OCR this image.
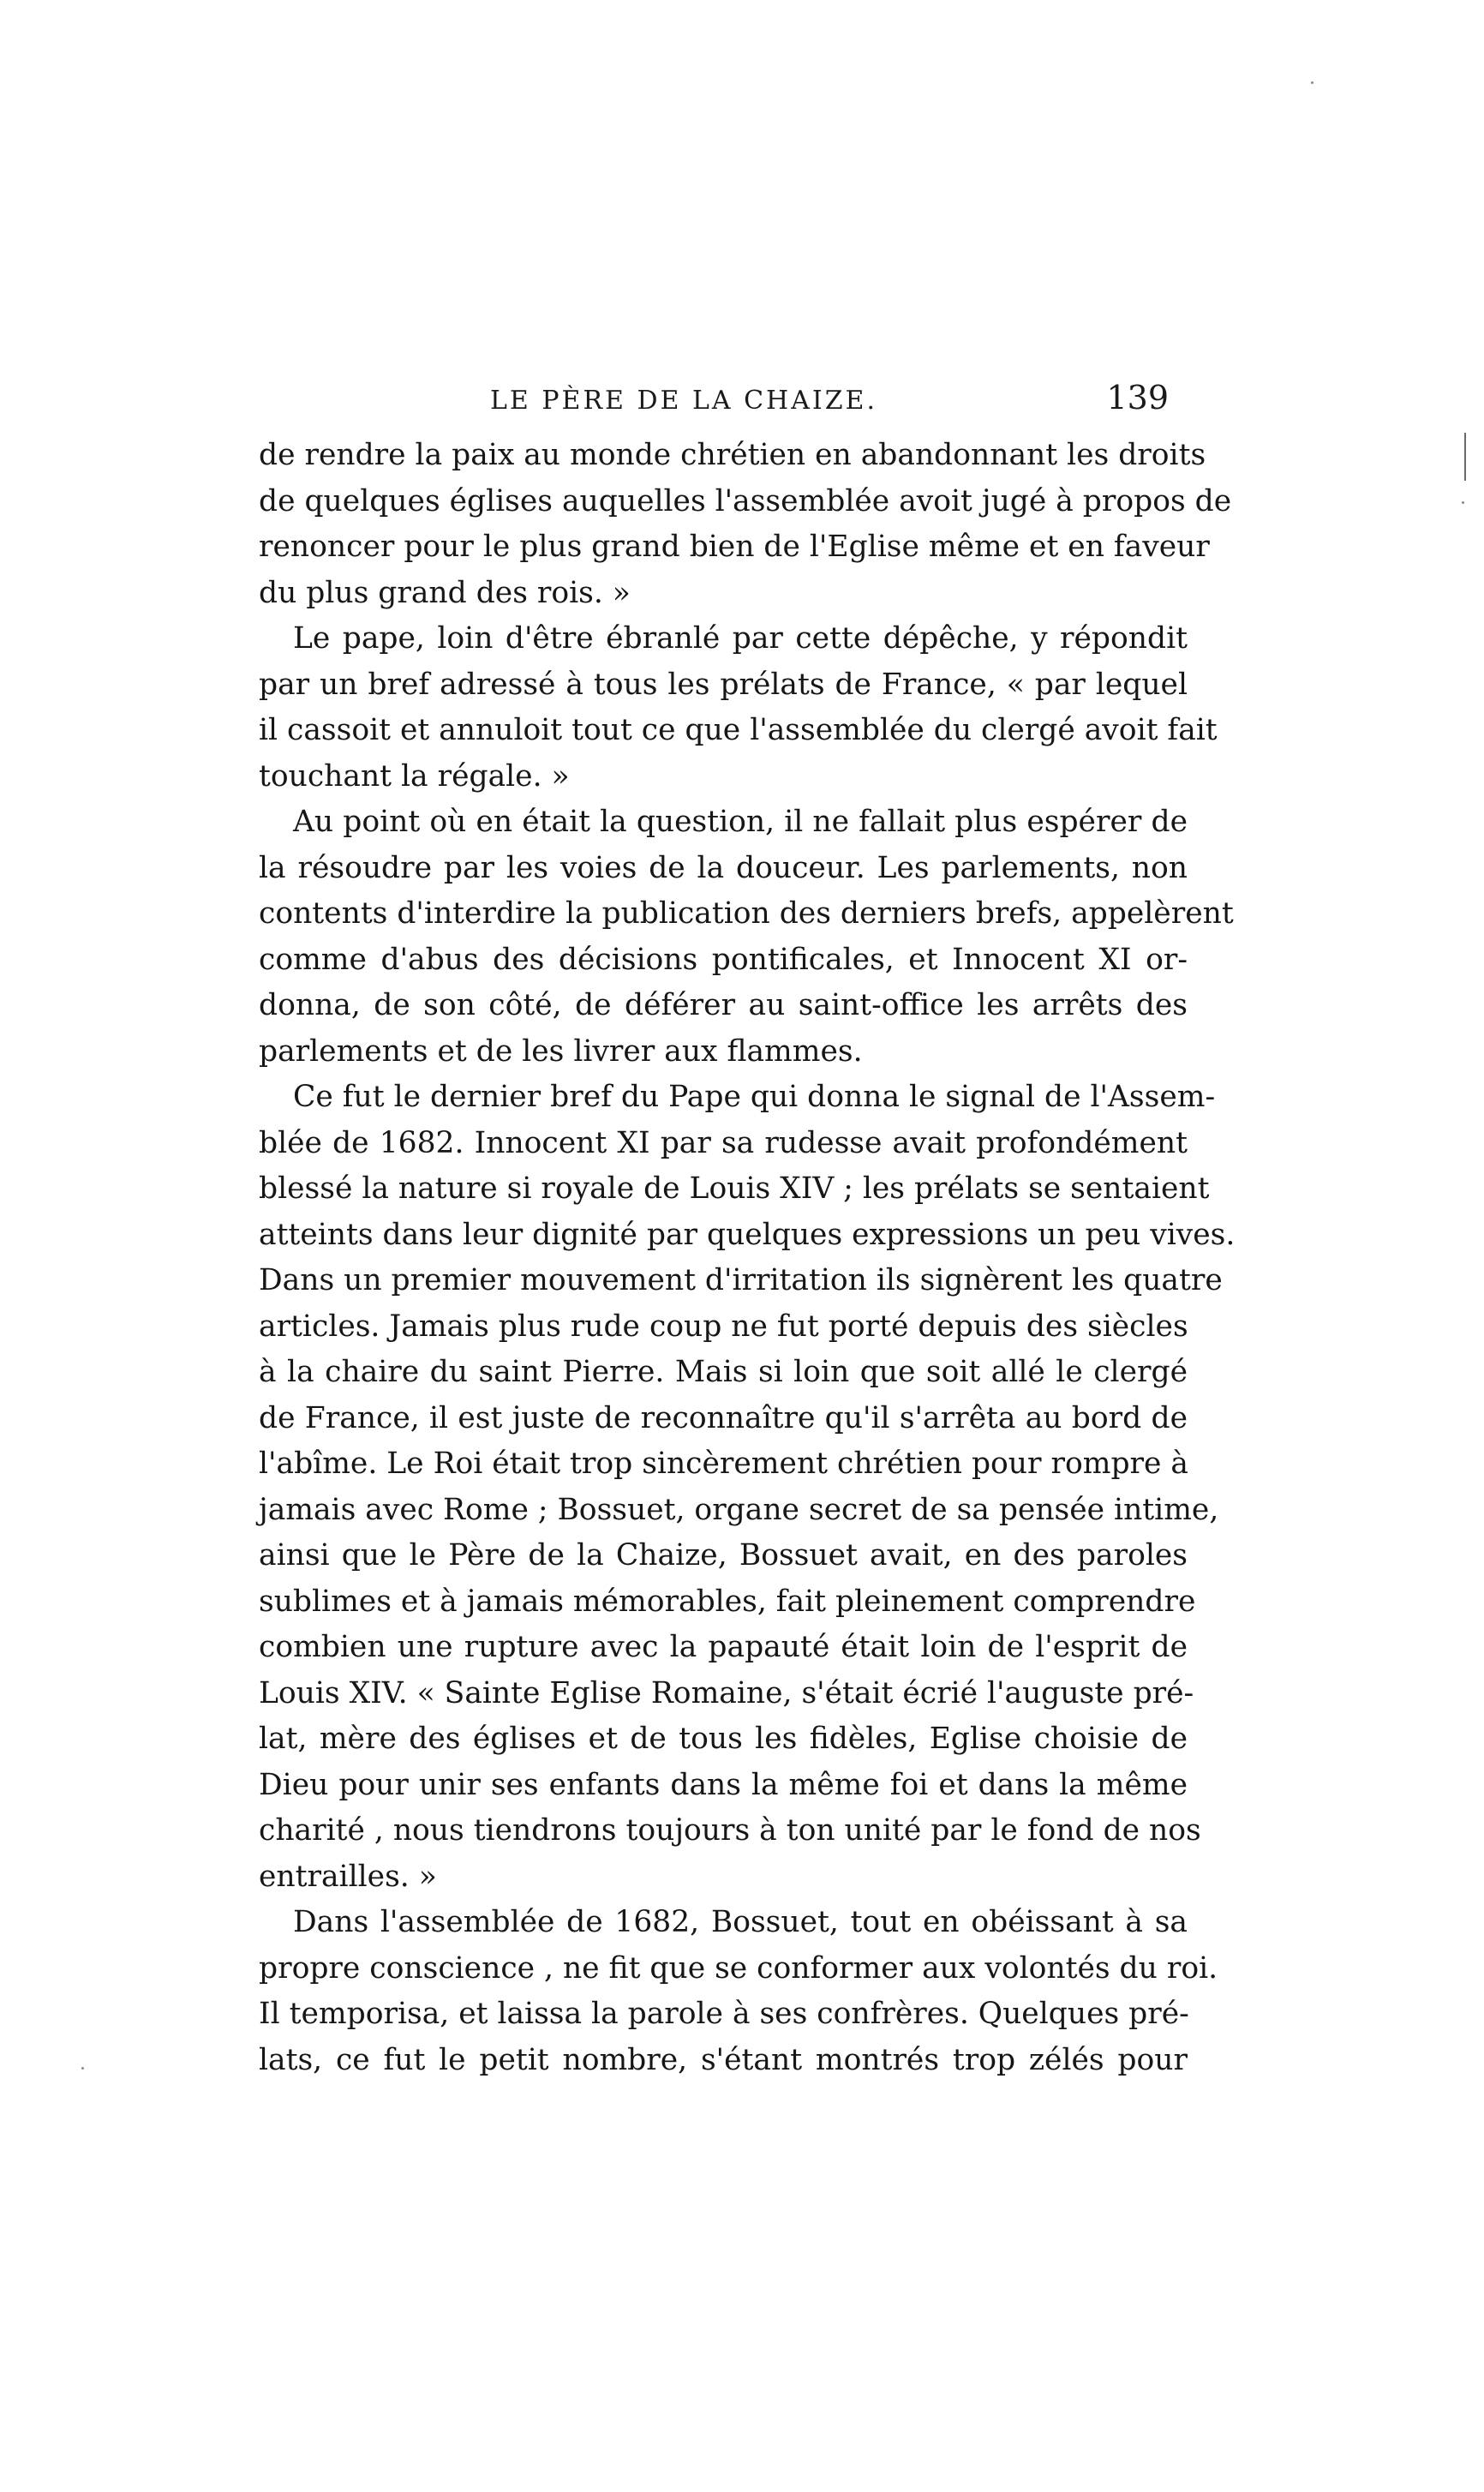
LE PÈRE DE LA CHAIZE.	139
de rendre la paix au monde chrétien en abandonnant les droits
de quelques églises auquelles l'assemblée avoit jugé à propos de
renoncer pour le plus grand bien de l'Eglise même et en faveur
du plus grand des rois. »
Le pape, loin d'être ébranlé par cette dépêche, y répondit
par un bref adressé à tous les prélats de France, « par lequel
il cassoit et annuloit tout ce que l'assemblée du clergé avoit fait
touchant la régale. »
Au point où en était la question, il ne fallait plus espérer de
la résoudre par les voies de la douceur. Les parlements, non
contents d'interdire la publication des derniers brefs, appelèrent
comme d'abus des décisions pontificales, et Innocent XI or-
donna, de son côté, de déférer au saint-office les arrêts des
parlements et de les livrer aux flammes.
Ce fut le dernier bref du Pape qui donna le signal de l'Assem-
blée de 1682. Innocent XI par sa rudesse avait profondément
blessé la nature si royale de Louis XIV ; les prélats se sentaient
atteints dans leur dignité par quelques expressions un peu vives.
Dans un premier mouvement d'irritation ils signèrent les quatre
articles. Jamais plus rude coup ne fut porté depuis des siècles
à la chaire du saint Pierre. Mais si loin que soit allé le clergé
de France, il est juste de reconnaître qu'il s'arrêta au bord de
l'abîme. Le Roi était trop sincèrement chrétien pour rompre à
jamais avec Rome ; Bossuet, organe secret de sa pensée intime,
ainsi que le Père de la Chaize, Bossuet avait, en des paroles
sublimes et à jamais mémorables, fait pleinement comprendre
combien une rupture avec la papauté était loin de l'esprit de
Louis XIV. « Sainte Eglise Romaine, s'était écrié l'auguste pré-
lat, mère des églises et de tous les fidèles, Eglise choisie de
Dieu pour unir ses enfants dans la même foi et dans la même
charité , nous tiendrons toujours à ton unité par le fond de nos
entrailles. »
Dans l'assemblée de 1682, Bossuet, tout en obéissant à sa
propre conscience , ne fit que se conformer aux volontés du roi.
Il temporisa, et laissa la parole à ses confrères. Quelques pré-
lats, ce fut le petit nombre, s'étant montrés trop zélés pour
